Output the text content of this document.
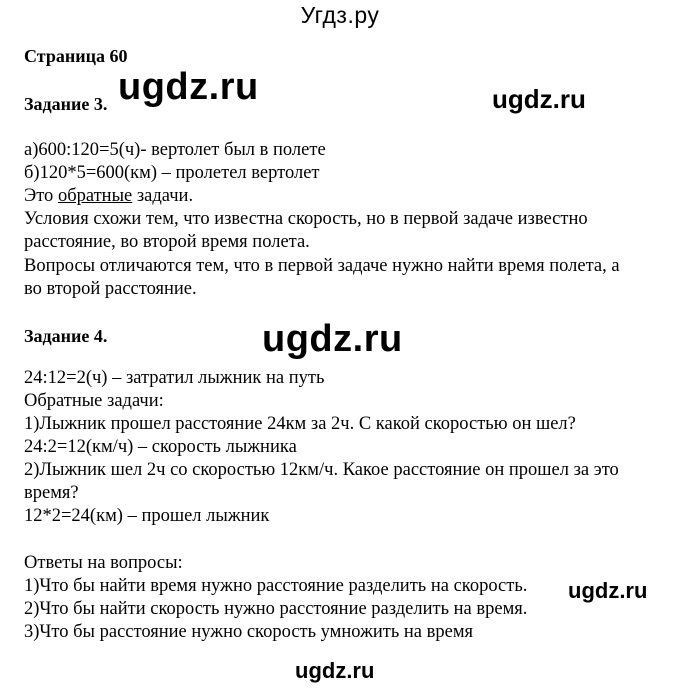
Угдз.ру
Страница 60
ugdz.ru	ugdz.ru
Задание 3.
а)600:120=5(ч)- вертолет был в полете
б)120*5=600(км) – пролетел вертолет
Это обратные задачи.
Условия схожи тем, что известна скорость, но в первой задаче известно
расстояние, во второй время полета.
Вопросы отличаются тем, что в первой задаче нужно найти время полета, а
во второй расстояние.
Задание 4.	ugdz.ru
24:12=2(ч) – затратил лыжник на путь
Обратные задачи:
1)Лыжник прошел расстояние 24км за 2ч. С какой скоростью он шел?
24:2=12(км/ч) – скорость лыжника
2)Лыжник шел 2ч со скоростью 12км/ч. Какое расстояние он прошел за это
время?
12*2=24(км) – прошел лыжник
Ответы на вопросы:
1)Что бы найти время нужно расстояние разделить на скорость. ugdz.ru
2)Что бы найти скорость нужно расстояние разделить на время.
3)Что бы расстояние нужно скорость умножить на время
ugdz.ru
